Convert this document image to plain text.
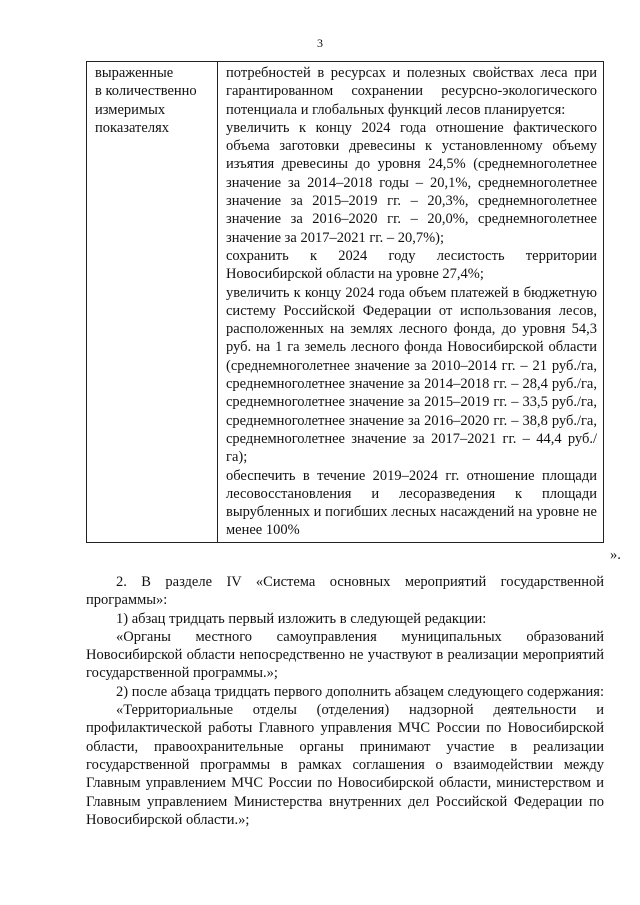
3
выраженные
в количественно
измеримых
показателях

потребностей в ресурсах и полезных свойствах леса при гарантированном сохранении ресурсно-экологического потенциала и глобальных функций лесов планируется:
увеличить к концу 2024 года отношение фактического объема заготовки древесины к установленному объему изъятия древесины до уровня 24,5% (среднемноголетнее значение за 2014–2018 годы – 20,1%, среднемноголетнее значение за 2015–2019 гг. – 20,3%, среднемноголетнее значение за 2016–2020 гг. – 20,0%, среднемноголетнее значение за 2017–2021 гг. – 20,7%);
сохранить к 2024 году лесистость территории Новосибирской области на уровне 27,4%;
увеличить к концу 2024 года объем платежей в бюджетную систему Российской Федерации от использования лесов, расположенных на землях лесного фонда, до уровня 54,3 руб. на 1 га земель лесного фонда Новосибирской области (среднемноголетнее значение за 2010–2014 гг. – 21 руб./га, среднемноголетнее значение за 2014–2018 гг. – 28,4 руб./га, среднемноголетнее значение за 2015–2019 гг. – 33,5 руб./га, среднемноголетнее значение за 2016–2020 гг. – 38,8 руб./га, среднемноголетнее значение за 2017–2021 гг. – 44,4 руб./га);
обеспечить в течение 2019–2024 гг. отношение площади лесовосстановления и лесоразведения к площади вырубленных и погибших лесных насаждений на уровне не менее 100%
».

2. В разделе IV «Система основных мероприятий государственной программы»:

1) абзац тридцать первый изложить в следующей редакции:

«Органы местного самоуправления муниципальных образований Новосибирской области непосредственно не участвуют в реализации мероприятий государственной программы.»;

2) после абзаца тридцать первого дополнить абзацем следующего содержания:

«Территориальные отделы (отделения) надзорной деятельности и профилактической работы Главного управления МЧС России по Новосибирской области, правоохранительные органы принимают участие в реализации государственной программы в рамках соглашения о взаимодействии между Главным управлением МЧС России по Новосибирской области, министерством и Главным управлением Министерства внутренних дел Российской Федерации по Новосибирской области.»;
